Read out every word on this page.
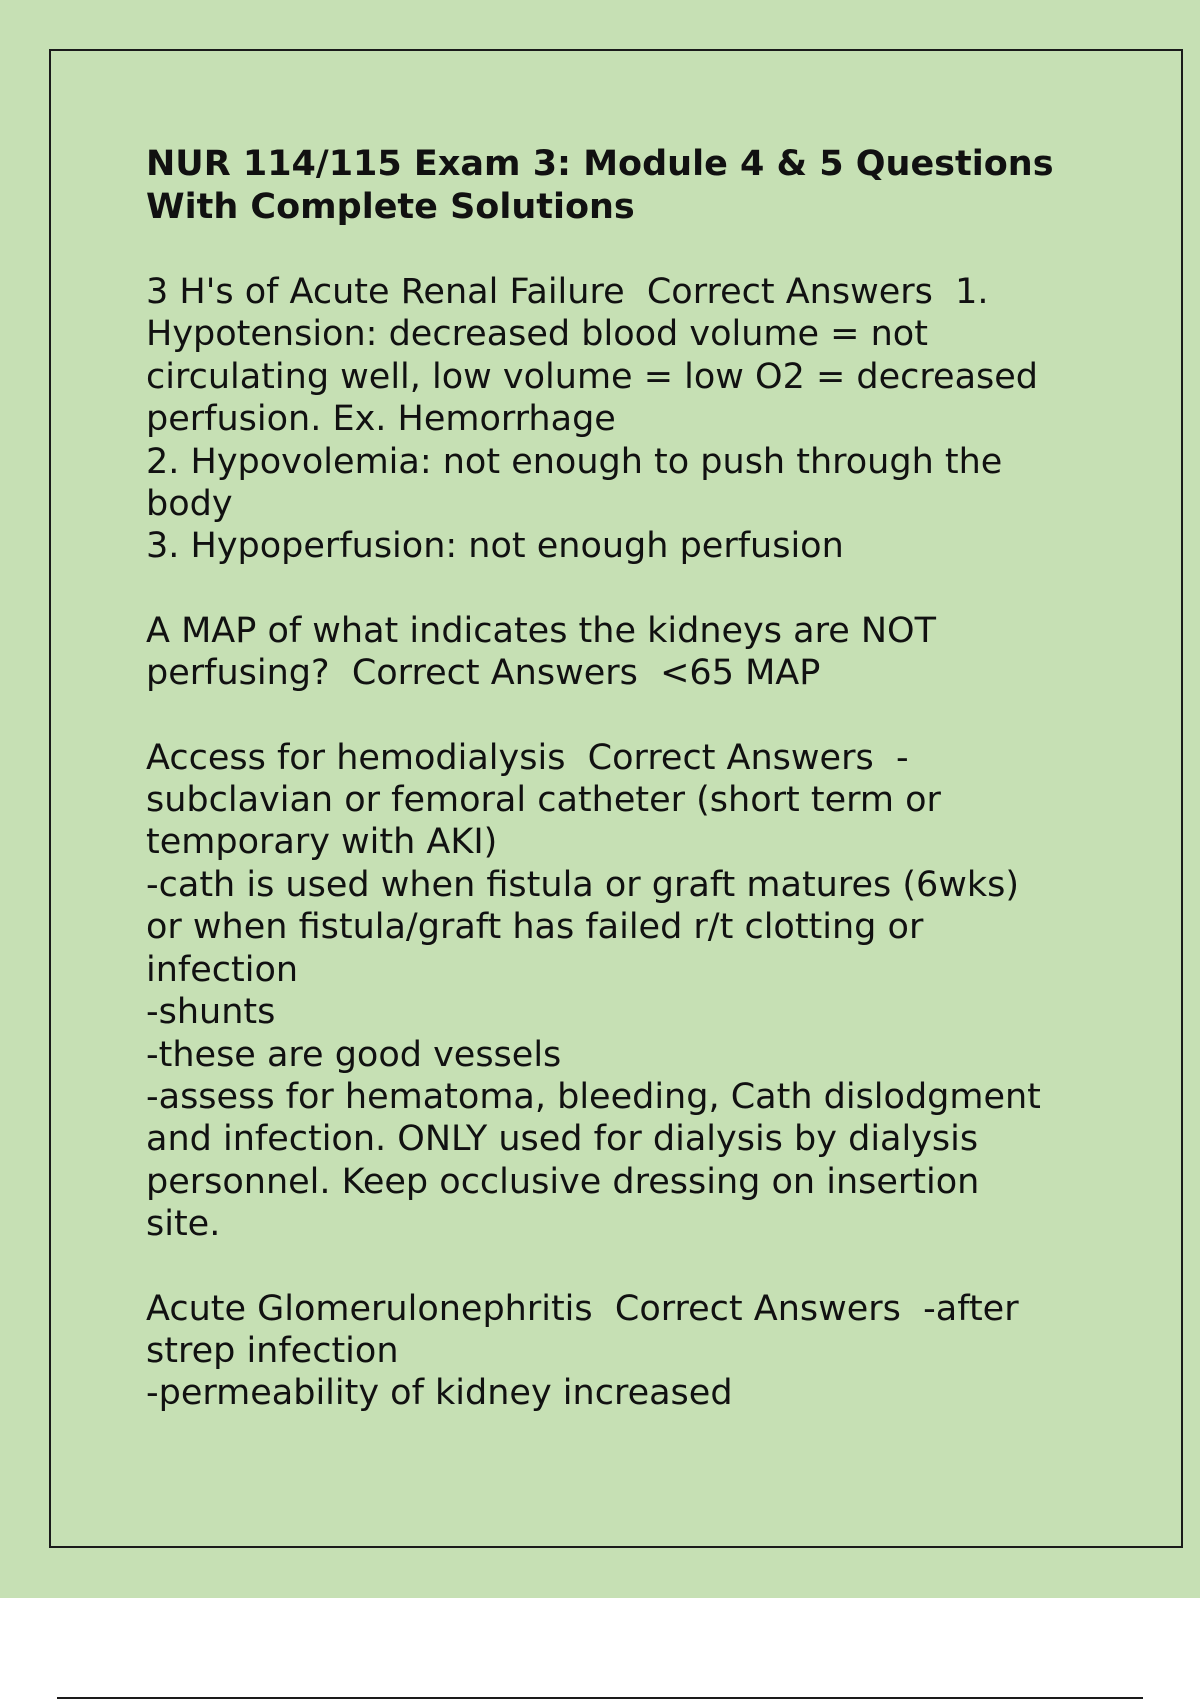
NUR 114/115 Exam 3: Module 4 & 5 Questions
With Complete Solutions
3 H's of Acute Renal Failure  Correct Answers  1.
Hypotension: decreased blood volume = not
circulating well, low volume = low O2 = decreased
perfusion. Ex. Hemorrhage
2. Hypovolemia: not enough to push through the
body
3. Hypoperfusion: not enough perfusion
A MAP of what indicates the kidneys are NOT
perfusing?  Correct Answers  <65 MAP
Access for hemodialysis  Correct Answers  -
subclavian or femoral catheter (short term or
temporary with AKI)
-cath is used when fistula or graft matures (6wks)
or when fistula/graft has failed r/t clotting or
infection
-shunts
-these are good vessels
-assess for hematoma, bleeding, Cath dislodgment
and infection. ONLY used for dialysis by dialysis
personnel. Keep occlusive dressing on insertion
site.
Acute Glomerulonephritis  Correct Answers  -after
strep infection
-permeability of kidney increased
